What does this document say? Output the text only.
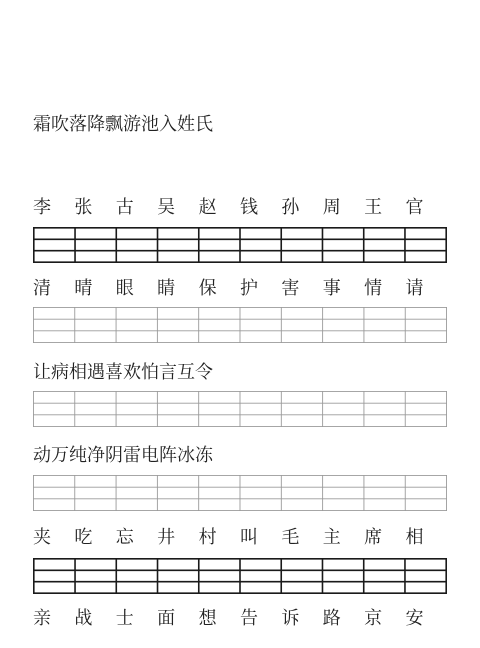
霜吹落降飘游池入姓氏
李	张	古	吴	赵	钱	孙	周	王	官
清	晴	眼	睛	保	护	害	事	情	请
让病相遇喜欢怕言互令
动万纯净阴雷电阵冰冻
夹	吃	忘	井	村	叫	毛	主	席	相
亲	战	士	面	想	告	诉	路	京	安
